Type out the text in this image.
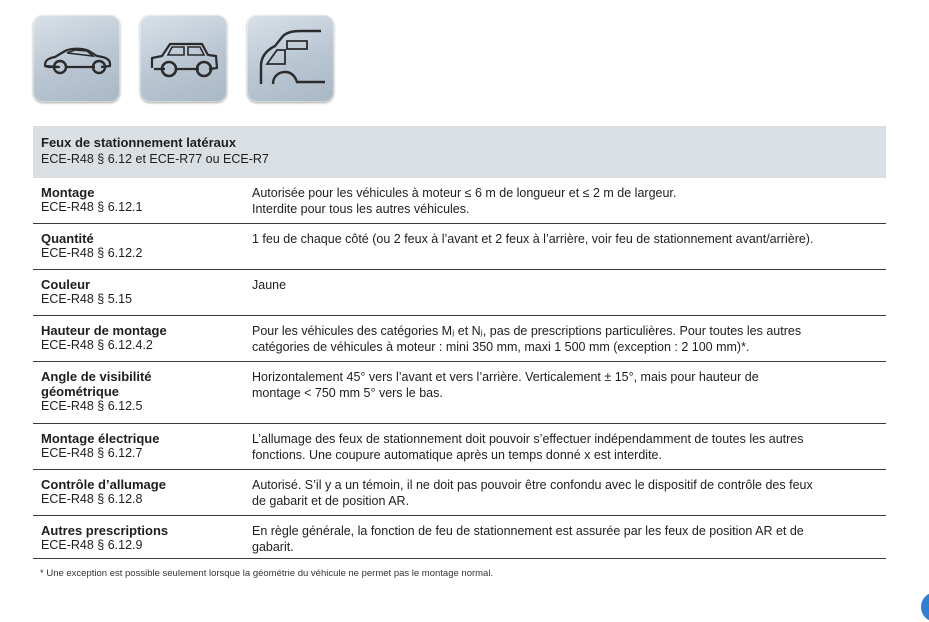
Feux de stationnement latéraux
ECE-R48 § 6.12 et ECE-R77 ou ECE-R7
Montage
ECE-R48 § 6.12.1

Autorisée pour les véhicules à moteur ≤ 6 m de longueur et ≤ 2 m de largeur.

Interdite pour tous les autres véhicules.

Quantité
ECE-R48 § 6.12.2

1 feu de chaque côté (ou 2 feux à l’avant et 2 feux à l’arrière, voir feu de stationnement avant/arrière).

Couleur
ECE-R48 § 5.15

Jaune

Hauteur de montage
ECE-R48 § 6.12.4.2

Pour les véhicules des catégories Mⱼ et Nⱼ, pas de prescriptions particulières. Pour toutes les autres

catégories de véhicules à moteur : mini 350 mm, maxi 1 500 mm (exception : 2 100 mm)*.

Angle de visibilité
géométrique
ECE-R48 § 6.12.5

Horizontalement 45° vers l’avant et vers l’arrière. Verticalement ± 15°, mais pour hauteur de

montage < 750 mm 5° vers le bas.

Montage électrique
ECE-R48 § 6.12.7

L’allumage des feux de stationnement doit pouvoir s’effectuer indépendamment de toutes les autres

fonctions. Une coupure automatique après un temps donné x est interdite.

Contrôle d’allumage
ECE-R48 § 6.12.8

Autorisé. S’il y a un témoin, il ne doit pas pouvoir être confondu avec le dispositif de contrôle des feux

de gabarit et de position AR.

Autres prescriptions
ECE-R48 § 6.12.9

En règle générale, la fonction de feu de stationnement est assurée par les feux de position AR et de

gabarit.

* Une exception est possible seulement lorsque la géométrie du véhicule ne permet pas le montage normal.
